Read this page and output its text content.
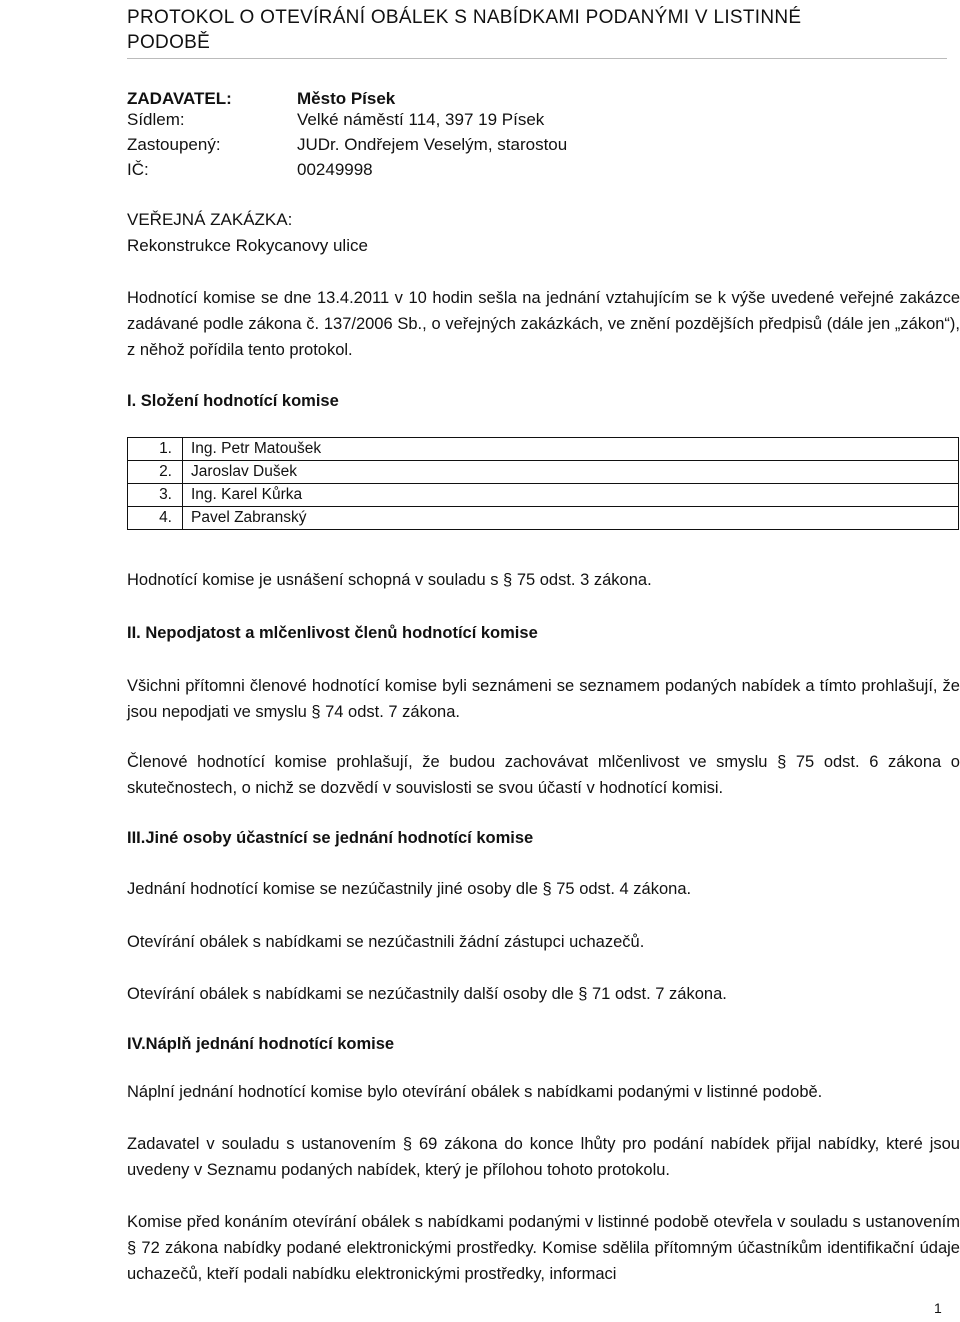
PROTOKOL O OTEVÍRÁNÍ OBÁLEK S NABÍDKAMI PODANÝMI V LISTINNÉ
PODOBĚ
ZADAVATEL:	Město Písek
Sídlem:	Velké náměstí 114, 397 19 Písek
Zastoupený:	JUDr. Ondřejem Veselým, starostou
IČ:	00249998
VEŘEJNÁ ZAKÁZKA:
Rekonstrukce Rokycanovy ulice
Hodnotící komise se dne 13.4.2011 v 10 hodin sešla na jednání vztahujícím se k výše uvedené veřejné zakázce zadávané podle zákona č. 137/2006 Sb., o veřejných zakázkách, ve znění pozdějších předpisů (dále jen „zákon“), z něhož pořídila tento protokol.
I. Složení hodnotící komise
1.	Ing. Petr Matoušek
2.	Jaroslav Dušek
3.	Ing. Karel Kůrka
4.	Pavel Zabranský
Hodnotící komise je usnášení schopná v souladu s § 75 odst. 3 zákona.
II. Nepodjatost a mlčenlivost členů hodnotící komise
Všichni přítomni členové hodnotící komise byli seznámeni se seznamem podaných nabídek a tímto prohlašují, že jsou nepodjati ve smyslu § 74 odst. 7 zákona.
Členové hodnotící komise prohlašují, že budou zachovávat mlčenlivost ve smyslu § 75 odst. 6 zákona o skutečnostech, o nichž se dozvědí v souvislosti se svou účastí v hodnotící komisi.
III.Jiné osoby účastnící se jednání hodnotící komise
Jednání hodnotící komise se nezúčastnily jiné osoby dle § 75 odst. 4 zákona.
Otevírání obálek s nabídkami se nezúčastnili žádní zástupci uchazečů.
Otevírání obálek s nabídkami se nezúčastnily další osoby dle § 71 odst. 7 zákona.
IV.Náplň jednání hodnotící komise
Náplní jednání hodnotící komise bylo otevírání obálek s nabídkami podanými v listinné podobě.
Zadavatel v souladu s ustanovením § 69 zákona do konce lhůty pro podání nabídek přijal nabídky, které jsou uvedeny v Seznamu podaných nabídek, který je přílohou tohoto protokolu.
Komise před konáním otevírání obálek s nabídkami podanými v listinné podobě otevřela v souladu s ustanovením § 72 zákona nabídky podané elektronickými prostředky. Komise sdělila přítomným účastníkům identifikační údaje uchazečů, kteří podali nabídku elektronickými prostředky, informaci
1
